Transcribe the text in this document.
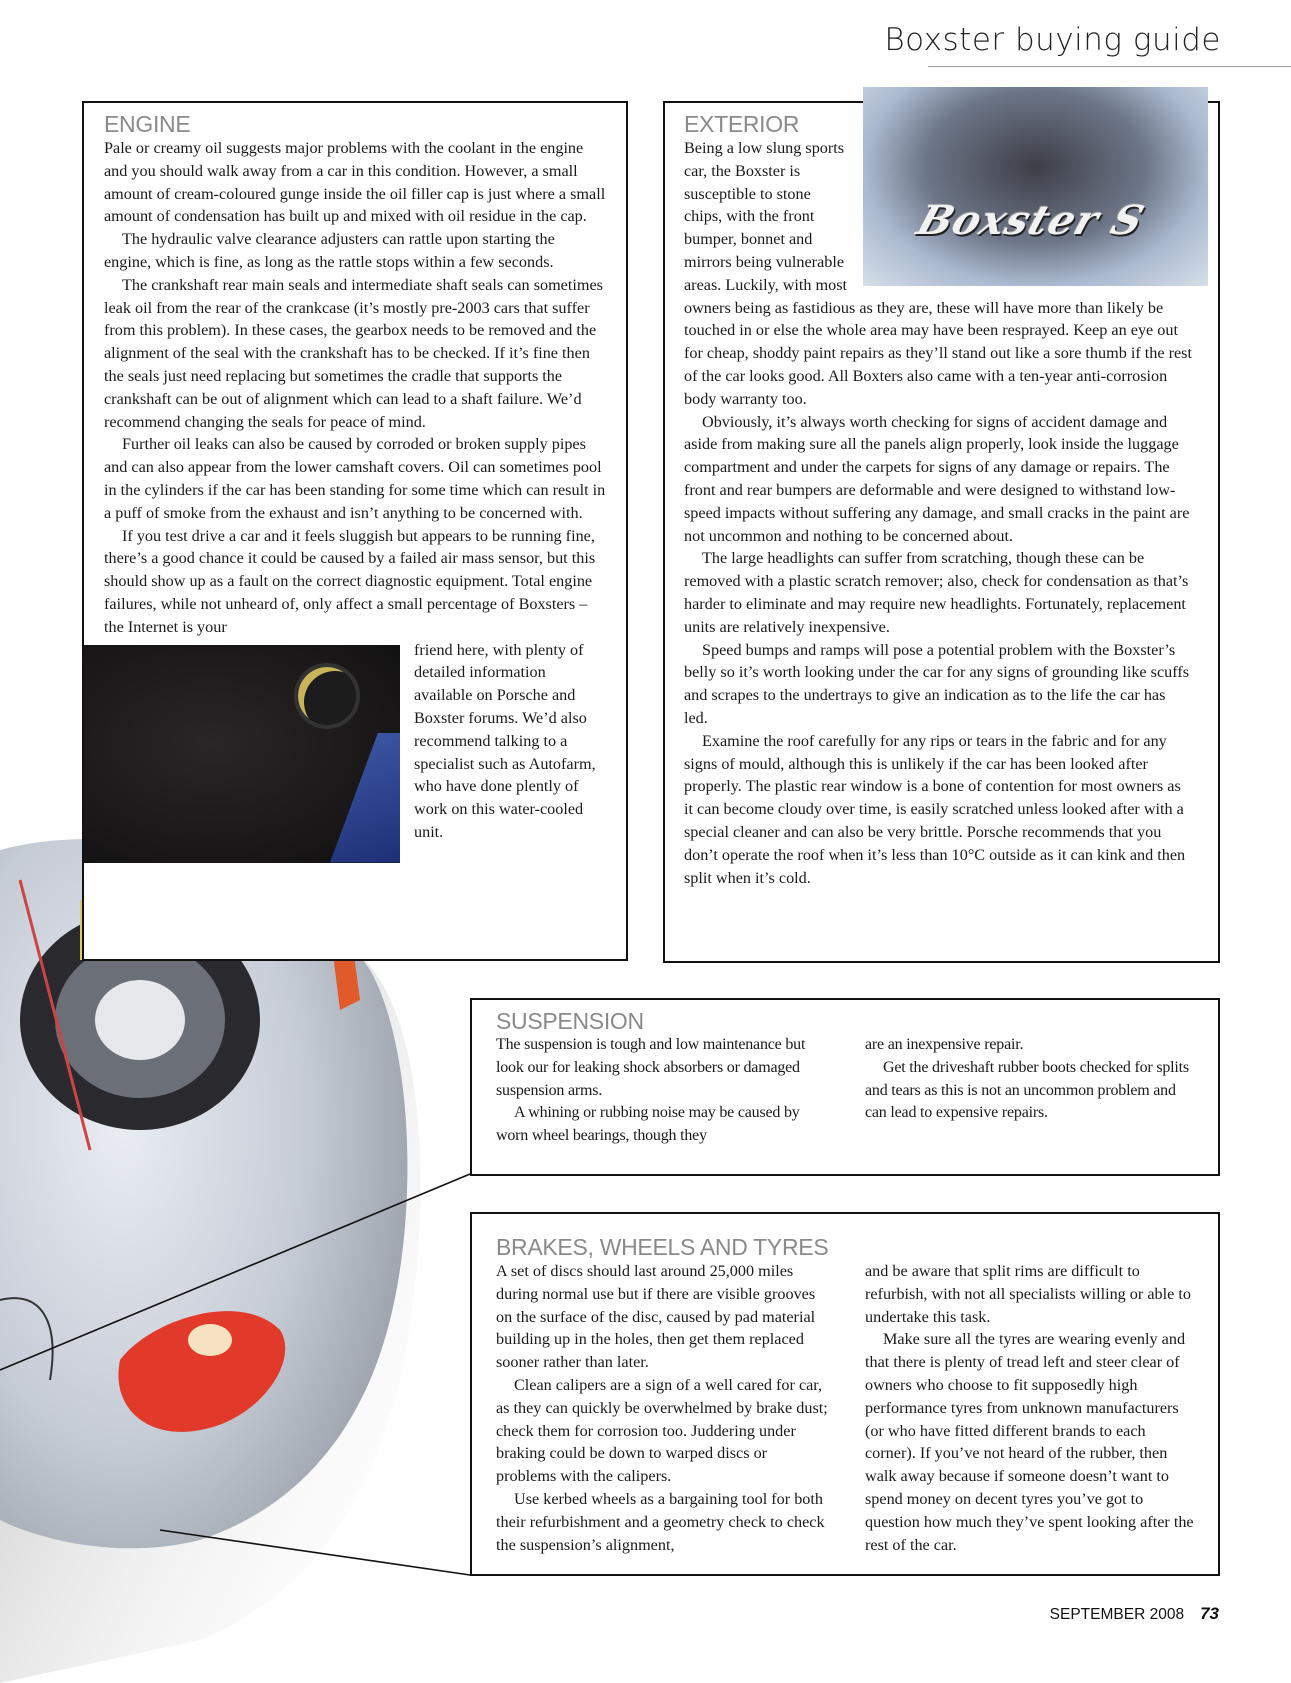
Boxster buying guide
ENGINE

Pale or creamy oil suggests major problems with the coolant in the engine and you should walk away from a car in this condition. However, a small amount of cream-coloured gunge inside the oil filler cap is just where a small amount of condensation has built up and mixed with oil residue in the cap.

The hydraulic valve clearance adjusters can rattle upon starting the engine, which is fine, as long as the rattle stops within a few seconds.

The crankshaft rear main seals and intermediate shaft seals can sometimes leak oil from the rear of the crankcase (it’s mostly pre-2003 cars that suffer from this problem). In these cases, the gearbox needs to be removed and the alignment of the seal with the crankshaft has to be checked. If it’s fine then the seals just need replacing but sometimes the cradle that supports the crankshaft can be out of alignment which can lead to a shaft failure. We’d recommend changing the seals for peace of mind.

Further oil leaks can also be caused by corroded or broken supply pipes and can also appear from the lower camshaft covers. Oil can sometimes pool in the cylinders if the car has been standing for some time which can result in a puff of smoke from the exhaust and isn’t anything to be concerned with.

If you test drive a car and it feels sluggish but appears to be running fine, there’s a good chance it could be caused by a failed air mass sensor, but this should show up as a fault on the correct diagnostic equipment. Total engine failures, while not unheard of, only affect a small percentage of Boxsters – the Internet is your

friend here, with plenty of detailed information available on Porsche and Boxster forums. We’d also recommend talking to a specialist such as Autofarm, who have done plently of work on this water-cooled unit.

Boxster S
EXTERIOR

Being a low slung sports car, the Boxster is susceptible to stone chips, with the front bumper, bonnet and mirrors being vulnerable areas. Luckily, with most owners being as fastidious as they are, these will have more than likely be touched in or else the whole area may have been resprayed. Keep an eye out for cheap, shoddy paint repairs as they’ll stand out like a sore thumb if the rest of the car looks good. All Boxters also came with a ten-year anti-corrosion body warranty too.

Obviously, it’s always worth checking for signs of accident damage and aside from making sure all the panels align properly, look inside the luggage compartment and under the carpets for signs of any damage or repairs. The front and rear bumpers are deformable and were designed to withstand low-speed impacts without suffering any damage, and small cracks in the paint are not uncommon and nothing to be concerned about.

The large headlights can suffer from scratching, though these can be removed with a plastic scratch remover; also, check for condensation as that’s harder to eliminate and may require new headlights. Fortunately, replacement units are relatively inexpensive.

Speed bumps and ramps will pose a potential problem with the Boxster’s belly so it’s worth looking under the car for any signs of grounding like scuffs and scrapes to the undertrays to give an indication as to the life the car has led.

Examine the roof carefully for any rips or tears in the fabric and for any signs of mould, although this is unlikely if the car has been looked after properly. The plastic rear window is a bone of contention for most owners as it can become cloudy over time, is easily scratched unless looked after with a special cleaner and can also be very brittle. Porsche recommends that you don’t operate the roof when it’s less than 10°C outside as it can kink and then split when it’s cold.

SUSPENSION

The suspension is tough and low maintenance but look our for leaking shock absorbers or damaged suspension arms.

A whining or rubbing noise may be caused by worn wheel bearings, though they

are an inexpensive repair.

Get the driveshaft rubber boots checked for splits and tears as this is not an uncommon problem and can lead to expensive repairs.

BRAKES, WHEELS AND TYRES

A set of discs should last around 25,000 miles during normal use but if there are visible grooves on the surface of the disc, caused by pad material building up in the holes, then get them replaced sooner rather than later.

Clean calipers are a sign of a well cared for car, as they can quickly be overwhelmed by brake dust; check them for corrosion too. Juddering under braking could be down to warped discs or problems with the calipers.

Use kerbed wheels as a bargaining tool for both their refurbishment and a geometry check to check the suspension’s alignment,

and be aware that split rims are difficult to refurbish, with not all specialists willing or able to undertake this task.

Make sure all the tyres are wearing evenly and that there is plenty of tread left and steer clear of owners who choose to fit supposedly high performance tyres from unknown manufacturers (or who have fitted different brands to each corner). If you’ve not heard of the rubber, then walk away because if someone doesn’t want to spend money on decent tyres you’ve got to question how much they’ve spent looking after the rest of the car.

SEPTEMBER 2008 73
